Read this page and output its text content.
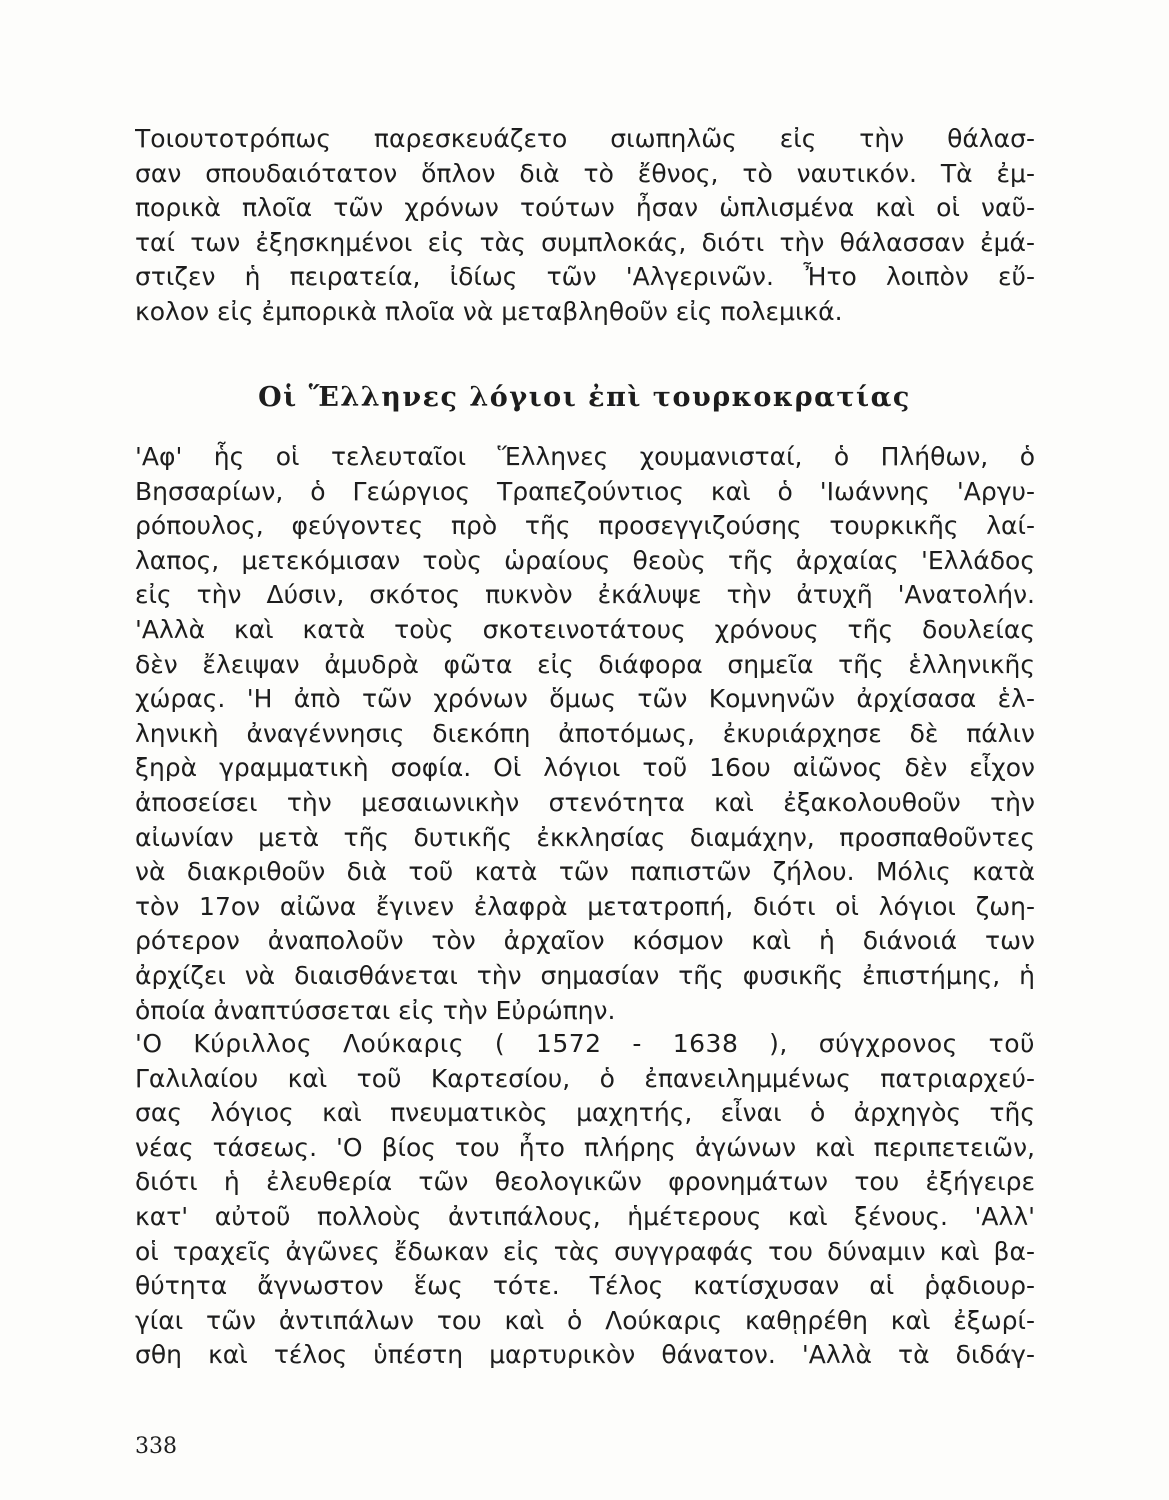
Τοιουτοτρόπως παρεσκευάζετο σιωπηλῶς εἰς τὴν θάλασ-
σαν σπουδαιότατον ὅπλον διὰ τὸ ἔθνος, τὸ ναυτικόν. Τὰ ἐμ-
πορικὰ πλοῖα τῶν χρόνων τούτων ἦσαν ὡπλισμένα καὶ οἱ ναῦ-
ταί των ἐξησκημένοι εἰς τὰς συμπλοκάς, διότι τὴν θάλασσαν ἐμά-
στιζεν ἡ πειρατεία, ἰδίως τῶν 'Αλγερινῶν. Ἦτο λοιπὸν εὔ-
κολον εἰς ἐμπορικὰ πλοῖα νὰ μεταβληθοῦν εἰς πολεμικά.
Οἱ Ἕλληνες λόγιοι ἐπὶ τουρκοκρατίας
'Αφ' ἧς οἱ τελευταῖοι Ἕλληνες χουμανισταί, ὁ Πλήθων, ὁ
Βησσαρίων, ὁ Γεώργιος Τραπεζούντιος καὶ ὁ 'Ιωάννης 'Αργυ-
ρόπουλος, φεύγοντες πρὸ τῆς προσεγγιζούσης τουρκικῆς λαί-
λαπος, μετεκόμισαν τοὺς ὡραίους θεοὺς τῆς ἀρχαίας 'Ελλάδος
εἰς τὴν Δύσιν, σκότος πυκνὸν ἐκάλυψε τὴν ἀτυχῆ 'Ανατολήν.
'Αλλὰ καὶ κατὰ τοὺς σκοτεινοτάτους χρόνους τῆς δουλείας
δὲν ἔλειψαν ἀμυδρὰ φῶτα εἰς διάφορα σημεῖα τῆς ἑλληνικῆς
χώρας. 'Η ἀπὸ τῶν χρόνων ὅμως τῶν Κομνηνῶν ἀρχίσασα ἑλ-
ληνικὴ ἀναγέννησις διεκόπη ἀποτόμως, ἐκυριάρχησε δὲ πάλιν
ξηρὰ γραμματικὴ σοφία. Οἱ λόγιοι τοῦ 16ου αἰῶνος δὲν εἶχον
ἀποσείσει τὴν μεσαιωνικὴν στενότητα καὶ ἐξακολουθοῦν τὴν
αἰωνίαν μετὰ τῆς δυτικῆς ἐκκλησίας διαμάχην, προσπαθοῦντες
νὰ διακριθοῦν διὰ τοῦ κατὰ τῶν παπιστῶν ζήλου. Μόλις κατὰ
τὸν 17ον αἰῶνα ἔγινεν ἐλαφρὰ μετατροπή, διότι οἱ λόγιοι ζωη-
ρότερον ἀναπολοῦν τὸν ἀρχαῖον κόσμον καὶ ἡ διάνοιά των
ἀρχίζει νὰ διαισθάνεται τὴν σημασίαν τῆς φυσικῆς ἐπιστήμης, ἡ
ὁποία ἀναπτύσσεται εἰς τὴν Εὐρώπην.
'Ο Κύριλλος Λούκαρις ( 1572 - 1638 ), σύγχρονος τοῦ
Γαλιλαίου καὶ τοῦ Καρτεσίου, ὁ ἐπανειλημμένως πατριαρχεύ-
σας λόγιος καὶ πνευματικὸς μαχητής, εἶναι ὁ ἀρχηγὸς τῆς
νέας τάσεως. 'Ο βίος του ἦτο πλήρης ἀγώνων καὶ περιπετειῶν,
διότι ἡ ἐλευθερία τῶν θεολογικῶν φρονημάτων του ἐξήγειρε
κατ' αὐτοῦ πολλοὺς ἀντιπάλους, ἡμέτερους καὶ ξένους. 'Αλλ'
οἱ τραχεῖς ἀγῶνες ἔδωκαν εἰς τὰς συγγραφάς του δύναμιν καὶ βα-
θύτητα ἄγνωστον ἕως τότε. Τέλος κατίσχυσαν αἱ ῥᾳδιουρ-
γίαι τῶν ἀντιπάλων του καὶ ὁ Λούκαρις καθῃρέθη καὶ ἐξωρί-
σθη καὶ τέλος ὑπέστη μαρτυρικὸν θάνατον. 'Αλλὰ τὰ διδάγ-
338
